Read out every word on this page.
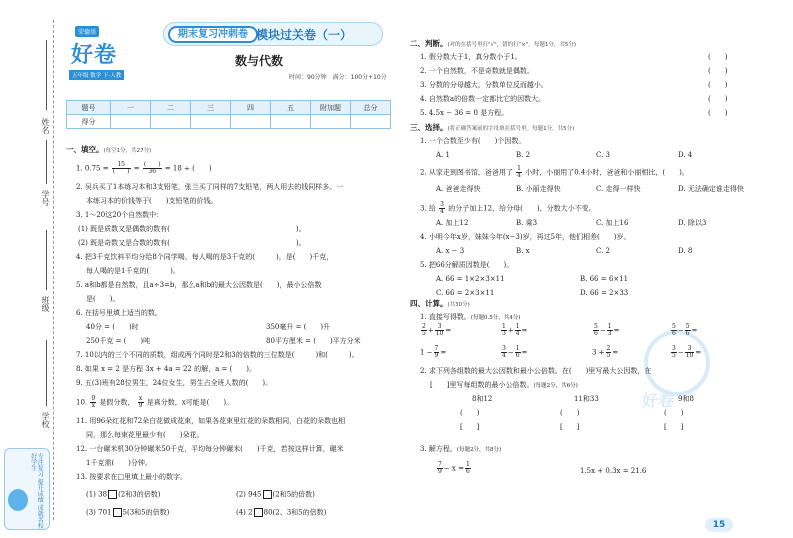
姓名
学号
班级
学校
专注复习 提升成绩 成就名校好学生
荣德基
好卷
五年级 数学 下·人教
期末复习冲刺卷 模块过关卷（一）
数与代数
时间：90分钟　满分：100分+10分
题号	一	二	三	四	五	附加题	总分
得分							
一、填空。(每空1分，共27分)
1. $0.75 = \frac{15}{( )} = \frac{( )}{36} = 18$ ÷ (　　)
2. 吴兵买了1本练习本和3支铅笔，张兰买了同样的7支铅笔，两人用去的钱同样多。一
本练习本的价钱等于(　　)支铅笔的价钱。
3. 1～20这20个自然数中：
(1) 既是质数又是偶数的数有(　　　　　　　　　　　　　　　　　　)。
(2) 既是奇数又是合数的数有(　　　　　　　　　　　　　　　　　　)。
4. 把3千克饮料平均分给8个同学喝，每人喝的是3千克的(　　　)，是(　　)千克，
每人喝的是1千克的(　　　)。
5. a和b都是自然数，且a÷3=b，那么a和b的最大公因数是(　　)，最小公倍数
是(　　)。
6. 在括号里填上适当的数。
40分 = (　　)时	350毫升 = (　　)升
250千克 = (　　)吨	80平方厘米 = (　　)平方分米
7. 10以内的三个不同的质数，组成两个同时是2和3的倍数的三位数是(　　　)和(　　　)。
8. 如果 x = 2 是方程 3x + 4a = 22 的解，a = (　　)。
9. 五(3)班有28位男生，24位女生，男生占全班人数的(　　)。
10. $\frac{9}{x}$ 是假分数， $\frac{x}{9}$ 是真分数，x可能是(　　)。
11. 用96朵红花和72朵白花做成花束，如果各花束里红花的朵数相同，白花的朵数也相
同，那么每束花里最少有(　　)朵花。
12. 一台碾米机30分钟碾米50千克，平均每分钟碾米(　　)千克，若按这样计算，碾米
1千克需(　　)分钟。
13. 按要求在□里填上最小的数字。
(1) 38 (2和3的倍数)	(2) 945 (2和5的倍数)
(3) 701 5(3和5的倍数)	(4) 2 80(2、3和5的倍数)
二、判断。(对的在括号里打"√"，错的打"×"。每题1分，共5分)
1. 假分数大于1，真分数小于1。	(　　)
2. 一个自然数，不是奇数就是偶数。	(　　)
3. 分数的分母越大，分数单位反而越小。	(　　)
4. 自然数a的倍数一定都比它的因数大。	(　　)
5. 4.5x − 36 = 0 是方程。	(　　)
三、选择。(将正确答案前的字母填在括号里。每题1分，共5分)
1. 一个合数至少有(　　)个因数。
A. 1	B. 2	C. 3	D. 4
2. 从家走到图书馆，爸爸用了 $\frac{1}{4}$ 小时，小丽用了0.4小时，爸爸和小丽相比，(　　)。
A. 爸爸走得快	B. 小丽走得快	C. 走得一样快	D. 无法确定谁走得快
3. 给 $\frac{3}{4}$ 的分子加上12，给分母(　　)，分数大小不变。
A. 加上12	B. 乘3	C. 加上16	D. 除以3
4. 小明今年x岁，妹妹今年(x−3)岁，再过5年，他们相差(　　)岁。
A. x − 3	B. x	C. 2	D. 8
5. 把66分解质因数是(　　)。
A. 66 = 1×2×3×11	B. 66 = 6×11
C. 66 = 2×3×11	D. 66 = 2×33
四、计算。(共30分)
1. 直接写得数。(每题0.5分，共4分)
$\frac{2}{5} + \frac{3}{10}$ =	$\frac{1}{3} + \frac{1}{4}$ =	$\frac{5}{6} - \frac{1}{3}$ =	$\frac{5}{6} - \frac{5}{6}$ =
$1 - \frac{7}{9}$ =	$\frac{3}{4} - \frac{1}{6}$ =	$3 + \frac{2}{5}$ =	$\frac{3}{5} - \frac{3}{10}$ =
2. 求下列各组数的最大公因数和最小公倍数。在(　　)里写最大公因数，在
[　　]里写每组数的最小公倍数。(每题2分，共6分)
8和12	11和33	9和8
(　　)	(　　)	(　　)
[　　]	[　　]	[　　]
3. 解方程。(每题2分，共8分)
$\frac{7}{9} - x = \frac{1}{6}$	1.5x + 0.3x = 21.6
好卷
15
